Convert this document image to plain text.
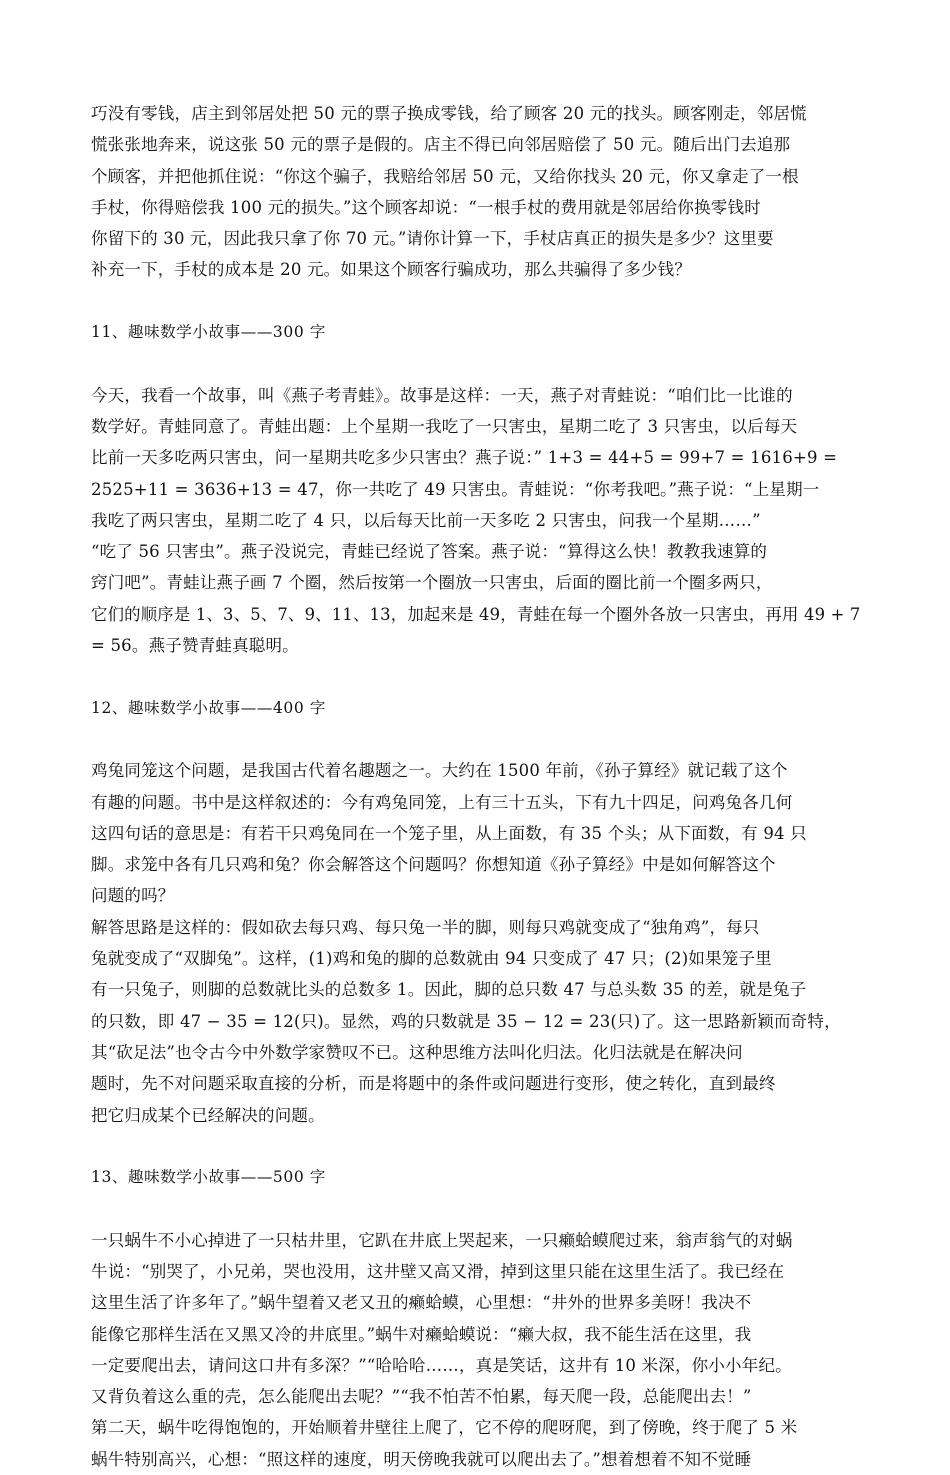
巧没有零钱，店主到邻居处把 50 元的票子换成零钱，给了顾客 20 元的找头。顾客刚走，邻居慌
慌张张地奔来，说这张 50 元的票子是假的。店主不得已向邻居赔偿了 50 元。随后出门去追那
个顾客，并把他抓住说：“你这个骗子，我赔给邻居 50 元，又给你找头 20 元，你又拿走了一根
手杖，你得赔偿我 100 元的损失。”这个顾客却说：“一根手杖的费用就是邻居给你换零钱时
你留下的 30 元，因此我只拿了你 70 元。”请你计算一下，手杖店真正的损失是多少？这里要
补充一下，手杖的成本是 20 元。如果这个顾客行骗成功，那么共骗得了多少钱？
11、趣味数学小故事——300 字
今天，我看一个故事，叫《燕子考青蛙》。故事是这样：一天，燕子对青蛙说：“咱们比一比谁的
数学好。青蛙同意了。青蛙出题：上个星期一我吃了一只害虫，星期二吃了 3 只害虫，以后每天
比前一天多吃两只害虫，问一星期共吃多少只害虫？燕子说：” 1+3 = 44+5 = 99+7 = 1616+9 =
2525+11 = 3636+13 = 47，你一共吃了 49 只害虫。青蛙说：“你考我吧。”燕子说：“上星期一
我吃了两只害虫，星期二吃了 4 只，以后每天比前一天多吃 2 只害虫，问我一个星期……”
“吃了 56 只害虫”。燕子没说完，青蛙已经说了答案。燕子说：“算得这么快！教教我速算的
窍门吧”。青蛙让燕子画 7 个圈，然后按第一个圈放一只害虫，后面的圈比前一个圈多两只，
它们的顺序是 1、3、5、7、9、11、13，加起来是 49，青蛙在每一个圈外各放一只害虫，再用 49 + 7
= 56。燕子赞青蛙真聪明。
12、趣味数学小故事——400 字
鸡兔同笼这个问题，是我国古代着名趣题之一。大约在 1500 年前，《孙子算经》就记载了这个
有趣的问题。书中是这样叙述的：今有鸡兔同笼，上有三十五头，下有九十四足，问鸡兔各几何
这四句话的意思是：有若干只鸡兔同在一个笼子里，从上面数，有 35 个头；从下面数，有 94 只
脚。求笼中各有几只鸡和兔？你会解答这个问题吗？你想知道《孙子算经》中是如何解答这个
问题的吗？
解答思路是这样的：假如砍去每只鸡、每只兔一半的脚，则每只鸡就变成了“独角鸡”，每只
兔就变成了“双脚兔”。这样，(1)鸡和兔的脚的总数就由 94 只变成了 47 只；(2)如果笼子里
有一只兔子，则脚的总数就比头的总数多 1。因此，脚的总只数 47 与总头数 35 的差，就是兔子
的只数，即 47 − 35 = 12(只)。显然，鸡的只数就是 35 − 12 = 23(只)了。这一思路新颖而奇特，
其“砍足法”也令古今中外数学家赞叹不已。这种思维方法叫化归法。化归法就是在解决问
题时，先不对问题采取直接的分析，而是将题中的条件或问题进行变形，使之转化，直到最终
把它归成某个已经解决的问题。
13、趣味数学小故事——500 字
一只蜗牛不小心掉进了一只枯井里，它趴在井底上哭起来，一只癞蛤蟆爬过来，翁声翁气的对蜗
牛说：“别哭了，小兄弟，哭也没用，这井壁又高又滑，掉到这里只能在这里生活了。我已经在
这里生活了许多年了。”蜗牛望着又老又丑的癞蛤蟆，心里想：“井外的世界多美呀！我决不
能像它那样生活在又黑又冷的井底里。”蜗牛对癞蛤蟆说：“癞大叔，我不能生活在这里，我
一定要爬出去，请问这口井有多深？”“哈哈哈……，真是笑话，这井有 10 米深，你小小年纪。
又背负着这么重的壳，怎么能爬出去呢？”“我不怕苦不怕累，每天爬一段，总能爬出去！”
第二天，蜗牛吃得饱饱的，开始顺着井壁往上爬了，它不停的爬呀爬，到了傍晚，终于爬了 5 米
蜗牛特别高兴，心想：“照这样的速度，明天傍晚我就可以爬出去了。”想着想着不知不觉睡
